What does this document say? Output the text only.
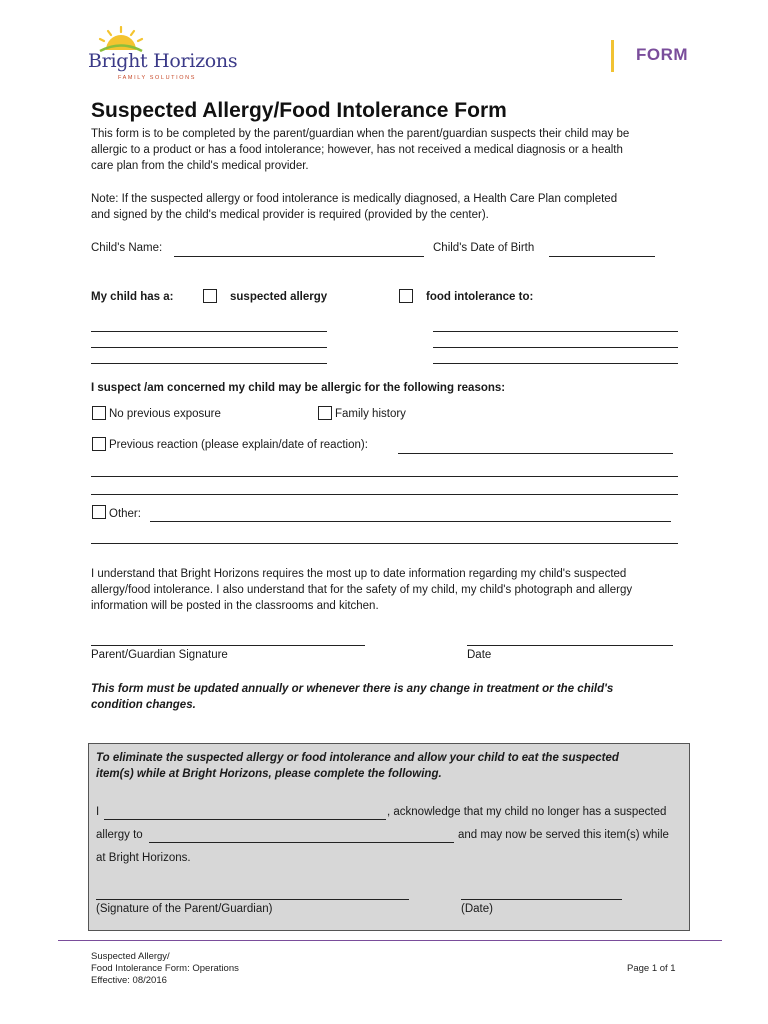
Bright Horizons
FAMILY SOLUTIONS
FORM
Suspected Allergy/Food Intolerance Form
This form is to be completed by the parent/guardian when the parent/guardian suspects their child may be
allergic to a product or has a food intolerance; however, has not received a medical diagnosis or a health
care plan from the child's medical provider.
Note: If the suspected allergy or food intolerance is medically diagnosed, a Health Care Plan completed
and signed by the child's medical provider is required (provided by the center).
Child's Name:	Child's Date of Birth
My child has a:	suspected allergy	food intolerance to:
I suspect /am concerned my child may be allergic for the following reasons:
No previous exposure	Family history
Previous reaction (please explain/date of reaction):
Other:
I understand that Bright Horizons requires the most up to date information regarding my child's suspected
allergy/food intolerance. I also understand that for the safety of my child, my child's photograph and allergy
information will be posted in the classrooms and kitchen.
Parent/Guardian Signature	Date
This form must be updated annually or whenever there is any change in treatment or the child's
condition changes.
To eliminate the suspected allergy or food intolerance and allow your child to eat the suspected
item(s) while at Bright Horizons, please complete the following.
I	, acknowledge that my child no longer has a suspected
allergy to	and may now be served this item(s) while
at Bright Horizons.
(Signature of the Parent/Guardian)	(Date)
Suspected Allergy/
Food Intolerance Form: Operations
Effective: 08/2016
Page 1 of 1
